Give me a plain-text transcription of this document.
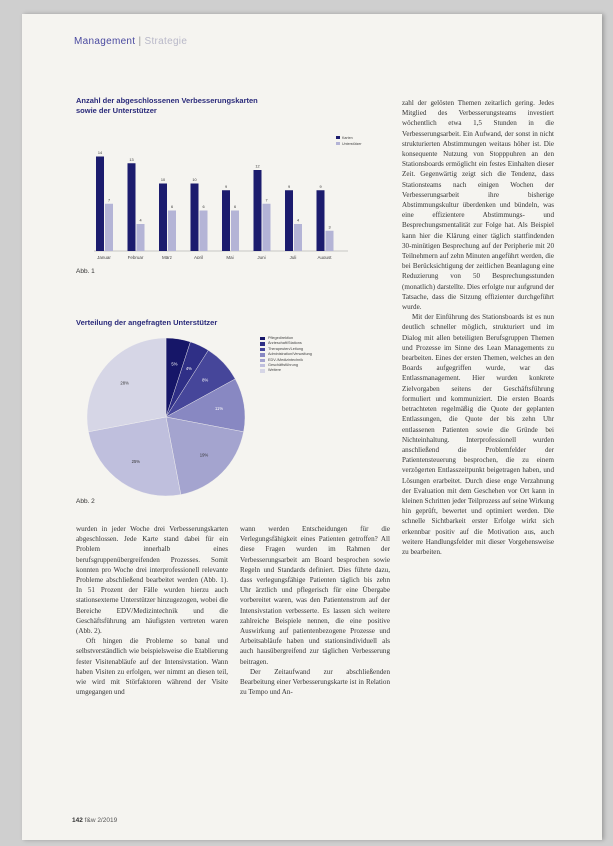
Management | Strategie
Anzahl der abgeschlossenen Verbesserungskarten
sowie der Unterstützer
14
7
Januar
13
4
Februar
10
6
März
10
6
April
9
6
Mai
12
7
Juni
9
4
Juli
9
3
August
Karten
Unterstützer
Abb. 1
Verteilung der angefragten Unterstützer
5%
4%
8%
11%
19%
25%
28%
Pflegedirektion
Ärzteschaft/Stations
Therapeuten/Leitung
Administration/Verwaltung
EDV-/Medizintechnik
Geschäftsführung
Weitere
Abb. 2

wurden in jeder Woche drei Verbesserungskarten abgeschlossen. Jede Karte stand dabei für ein Problem innerhalb eines berufsgruppenübergreifenden Prozesses. Somit konnten pro Woche drei interprofessionell relevante Probleme abschließend bearbeitet werden (Abb. 1). In 51 Prozent der Fälle wurden hierzu auch stationsexterne Unterstützer hinzugezogen, wobei die Bereiche EDV/Medizintechnik und die Geschäftsführung am häufigsten vertreten waren (Abb. 2).

Oft hingen die Probleme so banal und selbstverständlich wie beispielsweise die Etablierung fester Visitenabläufe auf der Intensivstation. Wann haben Visiten zu erfolgen, wer nimmt an diesen teil, wie wird mit Störfaktoren während der Visite umgegangen und

wann werden Entscheidungen für die Verlegungsfähigkeit eines Patienten getroffen? All diese Fragen wurden im Rahmen der Verbesserungsarbeit am Board besprochen sowie Regeln und Standards definiert. Dies führte dazu, dass verlegungsfähige Patienten täglich bis zehn Uhr ärztlich und pflegerisch für eine Übergabe vorbereitet waren, was den Patientenstrom auf der Intensivstation verbesserte. Es lassen sich weitere zahlreiche Beispiele nennen, die eine positive Auswirkung auf patientenbezogene Prozesse und Arbeitsabläufe haben und stationsindividuell als auch hausübergreifend zur täglichen Verbesserung beitragen.

Der Zeitaufwand zur abschließenden Bearbeitung einer Verbesserungskarte ist in Relation zu Tempo und An-

zahl der gelösten Themen zeitarlich gering. Jedes Mitglied des Verbesserungsteams investiert wöchentlich etwa 1,5 Stunden in die Verbesserungsarbeit. Ein Aufwand, der sonst in nicht strukturierten Abstimmungen weitaus höher ist. Die konsequente Nutzung von Stopppuhren an den Stationsboards ermöglicht ein festes Einhalten dieser Zeit. Gegenwärtig zeigt sich die Tendenz, dass Stationsteams nach einigen Wochen der Verbesserungsarbeit ihre bisherige Abstimmungskultur überdenken und bündeln, was eine effizientere Abstimmungs- und Besprechungsmentalität zur Folge hat. Als Beispiel kann hier die Klärung einer täglich stattfindenden 30-minütigen Besprechung auf der Peripherie mit 20 Teilnehmern auf zehn Minuten angeführt werden, die bei Berücksichtigung der zeitlichen Beanlagung eine Reduzierung von 50 Besprechungsstunden (monatlich) darstellte. Dies erfolgte nur aufgrund der Tatsache, dass die Sitzung effizienter durchgeführt wurde.

Mit der Einführung des Stationsboards ist es nun deutlich schneller möglich, strukturiert und im Dialog mit allen beteiligten Berufsgruppen Themen und Prozesse im Sinne des Lean Managements zu bearbeiten. Eines der ersten Themen, welches an den Boards aufgegriffen wurde, war das Entlassmanagement. Hier wurden konkrete Zielvorgaben seitens der Geschäftsführung formuliert und kommuniziert. Die ersten Boards betrachteten regelmäßig die Quote der geplanten Entlassungen, die Quote der bis zehn Uhr entlassenen Patienten sowie die Gründe bei Nichteinhaltung. Interprofessionell wurden anschließend die Problemfelder der Patientensteuerung besprochen, die zu einem verzögerten Entlasszeitpunkt beigetragen haben, und Lösungen erarbeitet. Durch diese enge Verzahnung der Evaluation mit dem Geschehen vor Ort kann in kleinen Schritten jeder Teilprozess auf seine Wirkung hin geprüft, bewertet und optimiert werden. Die schnelle Sichtbarkeit erster Erfolge wirkt sich erkennbar positiv auf die Motivation aus, auch weitere Handlungsfelder mit dieser Vorgehensweise zu bearbeiten.

142 f&w 2/2019
